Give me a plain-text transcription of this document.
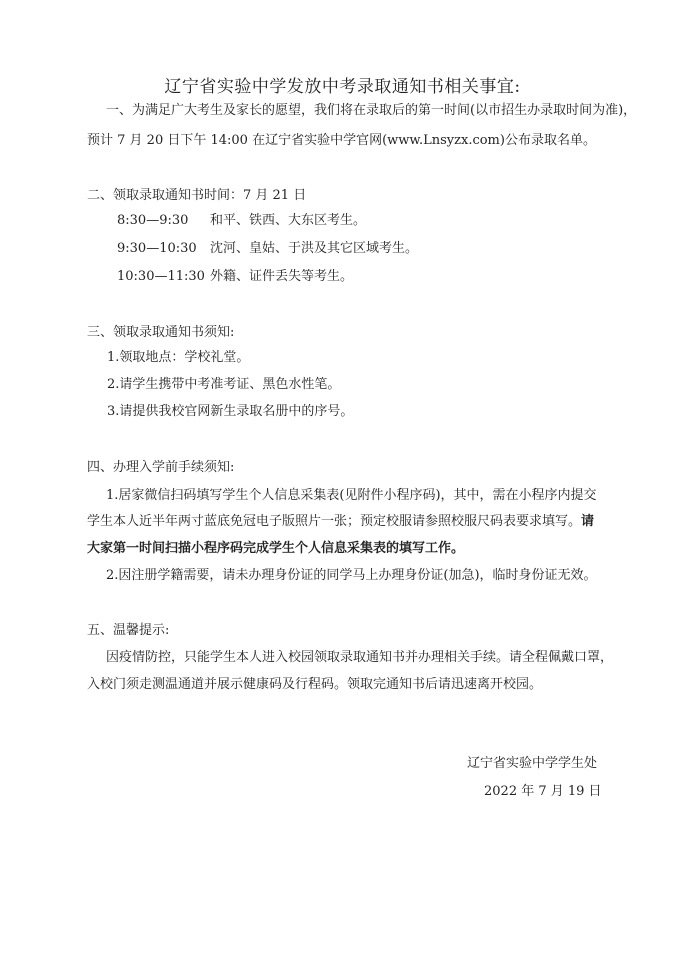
辽宁省实验中学发放中考录取通知书相关事宜:
一、为满足广大考生及家长的愿望，我们将在录取后的第一时间(以市招生办录取时间为准)，
预计 7 月 20 日下午 14:00 在辽宁省实验中学官网(www.Lnsyzx.com)公布录取名单。
二、领取录取通知书时间：7 月 21 日
8:30—9:30 和平、铁西、大东区考生。
9:30—10:30 沈河、皇姑、于洪及其它区域考生。
10:30—11:30 外籍、证件丢失等考生。
三、领取录取通知书须知:
1.领取地点：学校礼堂。
2.请学生携带中考准考证、黑色水性笔。
3.请提供我校官网新生录取名册中的序号。
四、办理入学前手续须知:
1.居家微信扫码填写学生个人信息采集表(见附件小程序码)，其中，需在小程序内提交
学生本人近半年两寸蓝底免冠电子版照片一张；预定校服请参照校服尺码表要求填写。请
大家第一时间扫描小程序码完成学生个人信息采集表的填写工作。
2.因注册学籍需要，请未办理身份证的同学马上办理身份证(加急)，临时身份证无效。
五、温馨提示:
因疫情防控，只能学生本人进入校园领取录取通知书并办理相关手续。请全程佩戴口罩，
入校门须走测温通道并展示健康码及行程码。领取完通知书后请迅速离开校园。
辽宁省实验中学学生处
2022 年 7 月 19 日
